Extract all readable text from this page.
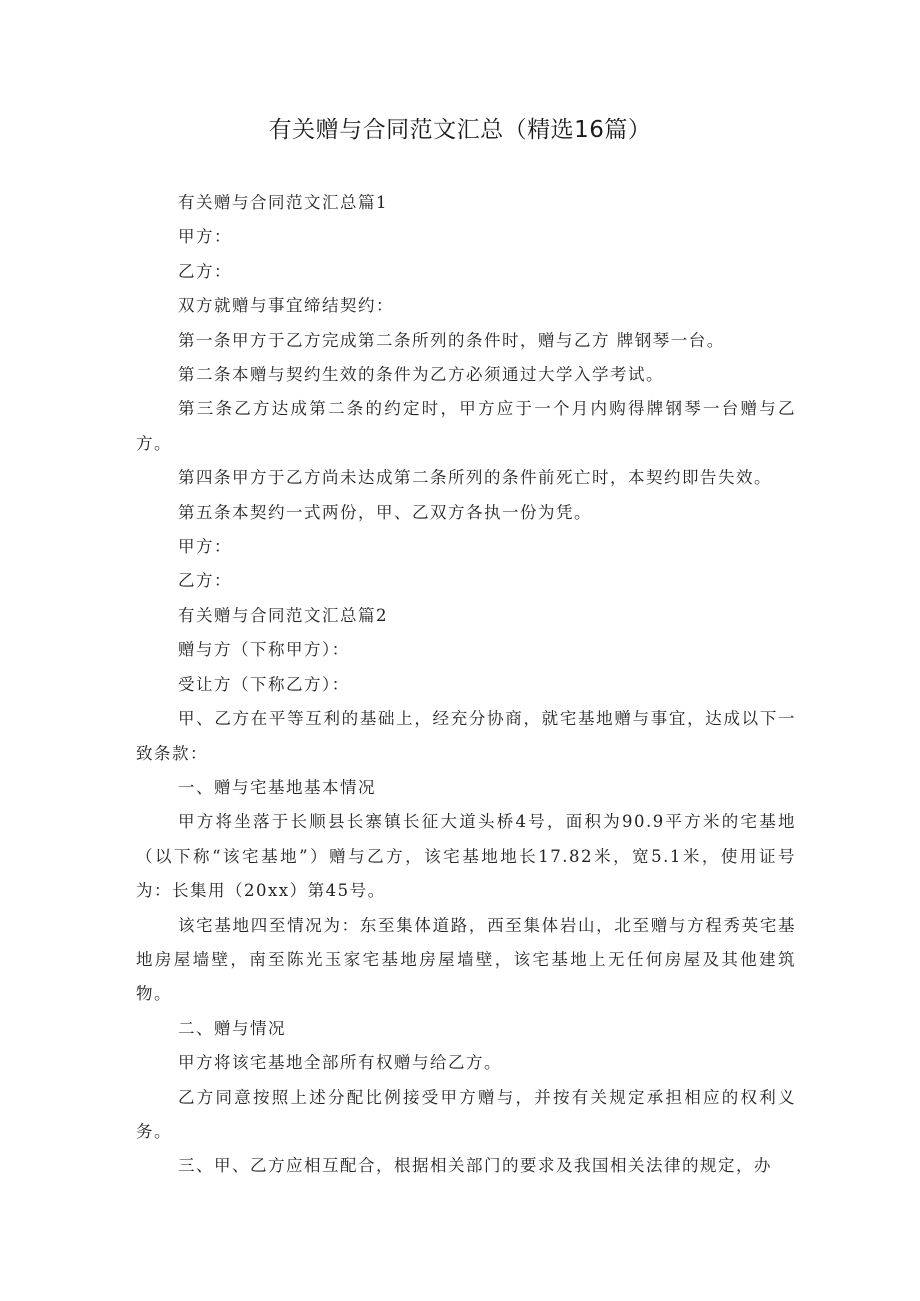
有关赠与合同范文汇总（精选16篇）

有关赠与合同范文汇总篇1

甲方：

乙方：

双方就赠与事宜缔结契约：

第一条甲方于乙方完成第二条所列的条件时，赠与乙方 牌钢琴一台。

第二条本赠与契约生效的条件为乙方必须通过大学入学考试。

第三条乙方达成第二条的约定时，甲方应于一个月内购得牌钢琴一台赠与乙方。

第四条甲方于乙方尚未达成第二条所列的条件前死亡时，本契约即告失效。

第五条本契约一式两份，甲、乙双方各执一份为凭。

甲方：

乙方：

有关赠与合同范文汇总篇2

赠与方（下称甲方）：

受让方（下称乙方）：

甲、乙方在平等互利的基础上，经充分协商，就宅基地赠与事宜，达成以下一致条款：

一、赠与宅基地基本情况

甲方将坐落于长顺县长寨镇长征大道头桥4号，面积为90.9平方米的宅基地（以下称“该宅基地”）赠与乙方，该宅基地地长17.82米，宽5.1米，使用证号为：长集用（20xx）第45号。

该宅基地四至情况为：东至集体道路，西至集体岩山，北至赠与方程秀英宅基地房屋墙壁，南至陈光玉家宅基地房屋墙壁，该宅基地上无任何房屋及其他建筑物。

二、赠与情况

甲方将该宅基地全部所有权赠与给乙方。

乙方同意按照上述分配比例接受甲方赠与，并按有关规定承担相应的权利义务。

三、甲、乙方应相互配合，根据相关部门的要求及我国相关法律的规定，办
